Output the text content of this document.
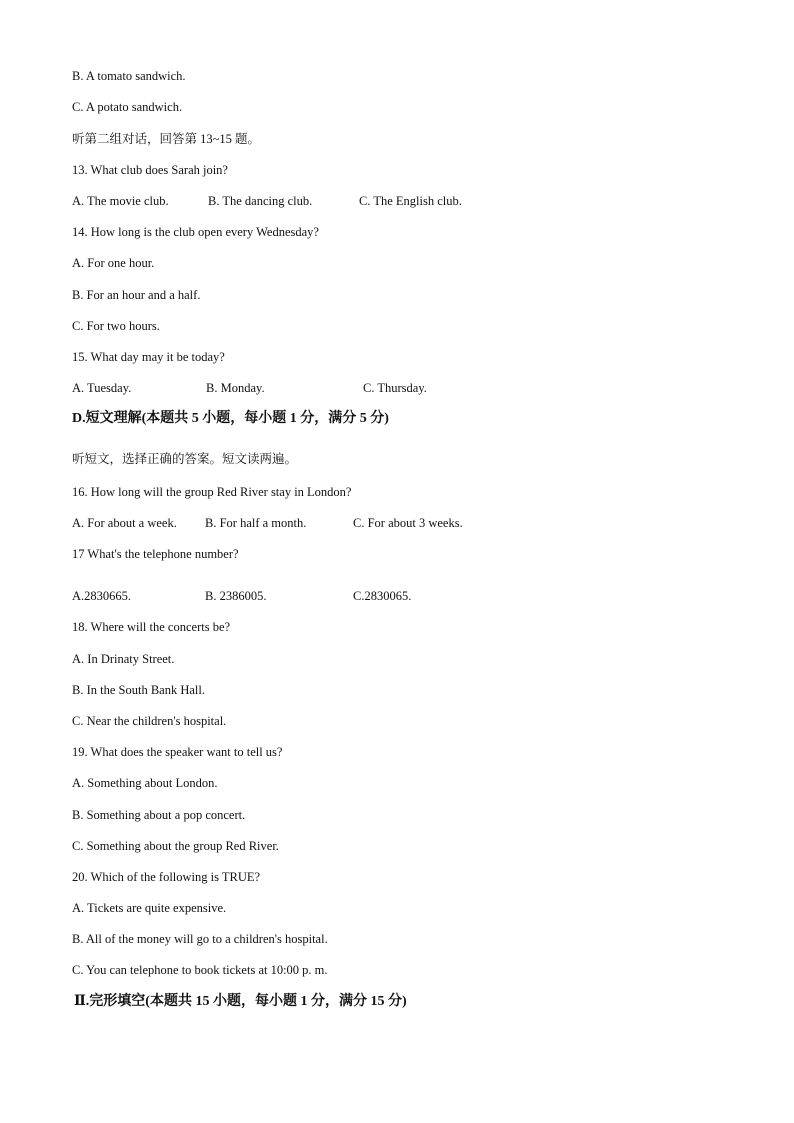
B. A tomato sandwich.
C. A potato sandwich.
听第二组对话，回答第 13~15 题。
13. What club does Sarah join?
A. The movie club.	B. The dancing club.	C. The English club.
14. How long is the club open every Wednesday?
A. For one hour.
B. For an hour and a half.
C. For two hours.
15. What day may it be today?
A. Tuesday.	B. Monday.	C. Thursday.
D.短文理解(本题共 5 小题，每小题 1 分，满分 5 分)
听短文，选择正确的答案。短文读两遍。
16. How long will the group Red River stay in London?
A. For about a week. B. For half a month.	C. For about 3 weeks.
17 What's the telephone number?
A.2830665.	B. 2386005.	C.2830065.
18. Where will the concerts be?
A. In Drinaty Street.
B. In the South Bank Hall.
C. Near the children's hospital.
19. What does the speaker want to tell us?
A. Something about London.
B. Something about a pop concert.
C. Something about the group Red River.
20. Which of the following is TRUE?
A. Tickets are quite expensive.
B. All of the money will go to a children's hospital.
C. You can telephone to book tickets at 10:00 p. m.
Ⅱ.完形填空(本题共 15 小题，每小题 1 分，满分 15 分)
